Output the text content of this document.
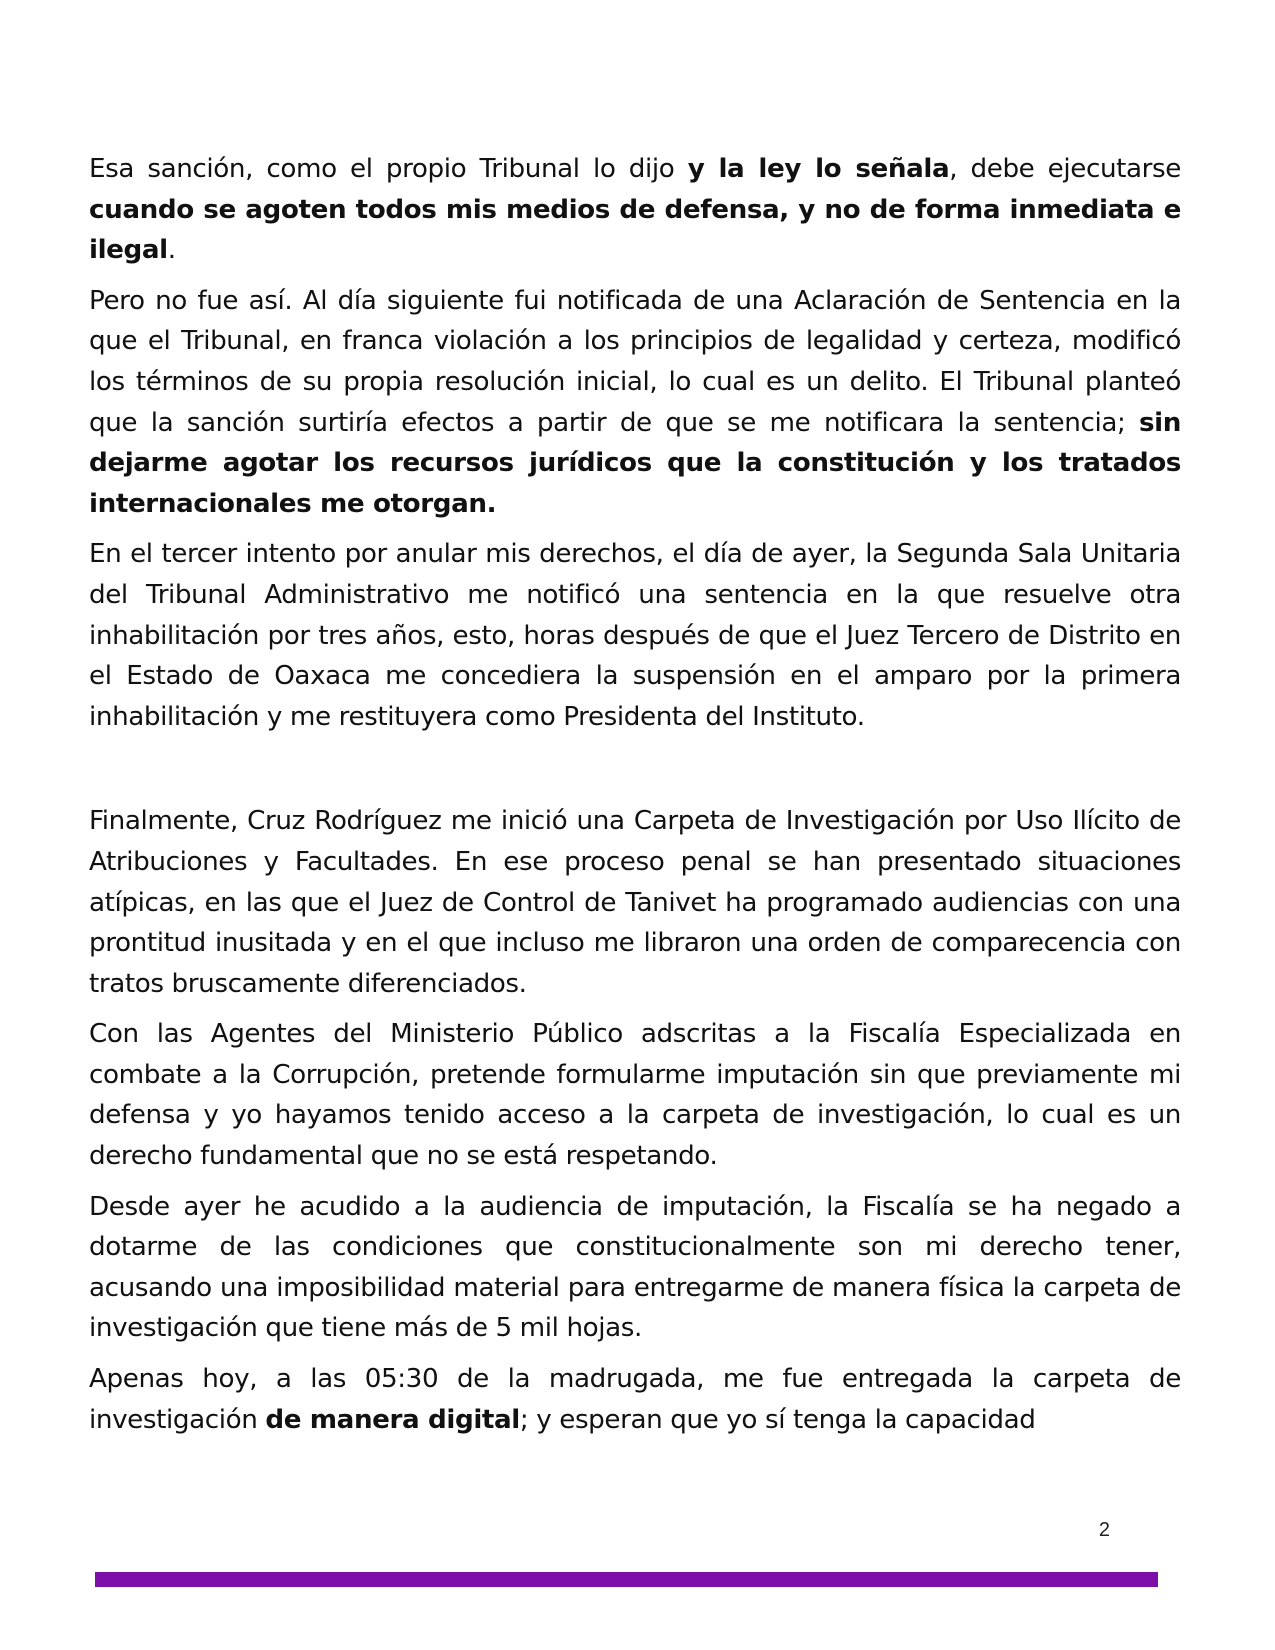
Esa sanción, como el propio Tribunal lo dijo y la ley lo señala, debe ejecutarse cuando se agoten todos mis medios de defensa, y no de forma inmediata e ilegal.

Pero no fue así. Al día siguiente fui notificada de una Aclaración de Sentencia en la que el Tribunal, en franca violación a los principios de legalidad y certeza, modificó los términos de su propia resolución inicial, lo cual es un delito. El Tribunal planteó que la sanción surtiría efectos a partir de que se me notificara la sentencia; sin dejarme agotar los recursos jurídicos que la constitución y los tratados internacionales me otorgan.

En el tercer intento por anular mis derechos, el día de ayer, la Segunda Sala Unitaria del Tribunal Administrativo me notificó una sentencia en la que resuelve otra inhabilitación por tres años, esto, horas después de que el Juez Tercero de Distrito en el Estado de Oaxaca me concediera la suspensión en el amparo por la primera inhabilitación y me restituyera como Presidenta del Instituto.

Finalmente, Cruz Rodríguez me inició una Carpeta de Investigación por Uso Ilícito de Atribuciones y Facultades. En ese proceso penal se han presentado situaciones atípicas, en las que el Juez de Control de Tanivet ha programado audiencias con una prontitud inusitada y en el que incluso me libraron una orden de comparecencia con tratos bruscamente diferenciados.

Con las Agentes del Ministerio Público adscritas a la Fiscalía Especializada en combate a la Corrupción, pretende formularme imputación sin que previamente mi defensa y yo hayamos tenido acceso a la carpeta de investigación, lo cual es un derecho fundamental que no se está respetando.

Desde ayer he acudido a la audiencia de imputación, la Fiscalía se ha negado a dotarme de las condiciones que constitucionalmente son mi derecho tener, acusando una imposibilidad material para entregarme de manera física la carpeta de investigación que tiene más de 5 mil hojas.

Apenas hoy, a las 05:30 de la madrugada, me fue entregada la carpeta de investigación de manera digital; y esperan que yo sí tenga la capacidad

2
